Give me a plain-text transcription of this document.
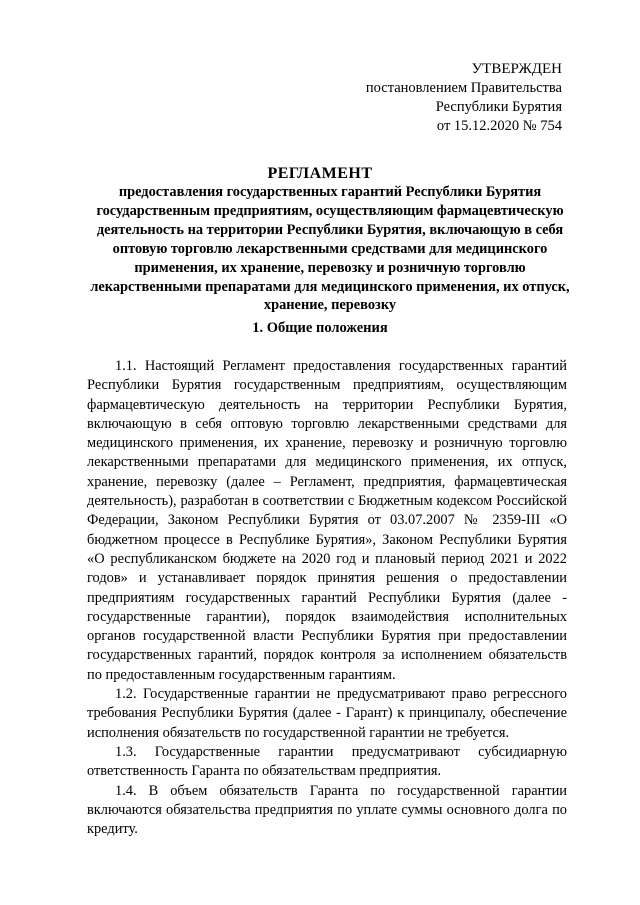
УТВЕРЖДЕН
постановлением Правительства
Республики Бурятия
от 15.12.2020 № 754
РЕГЛАМЕНТ
предоставления государственных гарантий Республики Бурятия государственным предприятиям, осуществляющим фармацевтическую деятельность на территории Республики Бурятия, включающую в себя оптовую торговлю лекарственными средствами для медицинского применения, их хранение, перевозку и розничную торговлю лекарственными препаратами для медицинского применения, их отпуск, хранение, перевозку
1. Общие положения

1.1. Настоящий Регламент предоставления государственных гарантий Республики Бурятия государственным предприятиям, осуществляющим фармацевтическую деятельность на территории Республики Бурятия, включающую в себя оптовую торговлю лекарственными средствами для медицинского применения, их хранение, перевозку и розничную торговлю лекарственными препаратами для медицинского применения, их отпуск, хранение, перевозку (далее – Регламент, предприятия, фармацевтическая деятельность), разработан в соответствии с Бюджетным кодексом Российской Федерации, Законом Республики Бурятия от 03.07.2007 № 2359-III «О бюджетном процессе в Республике Бурятия», Законом Республики Бурятия «О республиканском бюджете на 2020 год и плановый период 2021 и 2022 годов» и устанавливает порядок принятия решения о предоставлении предприятиям государственных гарантий Республики Бурятия (далее - государственные гарантии), порядок взаимодействия исполнительных органов государственной власти Республики Бурятия при предоставлении государственных гарантий, порядок контроля за исполнением обязательств по предоставленным государственным гарантиям.

1.2. Государственные гарантии не предусматривают право регрессного требования Республики Бурятия (далее - Гарант) к принципалу, обеспечение исполнения обязательств по государственной гарантии не требуется.

1.3. Государственные гарантии предусматривают субсидиарную ответственность Гаранта по обязательствам предприятия.

1.4. В объем обязательств Гаранта по государственной гарантии включаются обязательства предприятия по уплате суммы основного долга по кредиту.
